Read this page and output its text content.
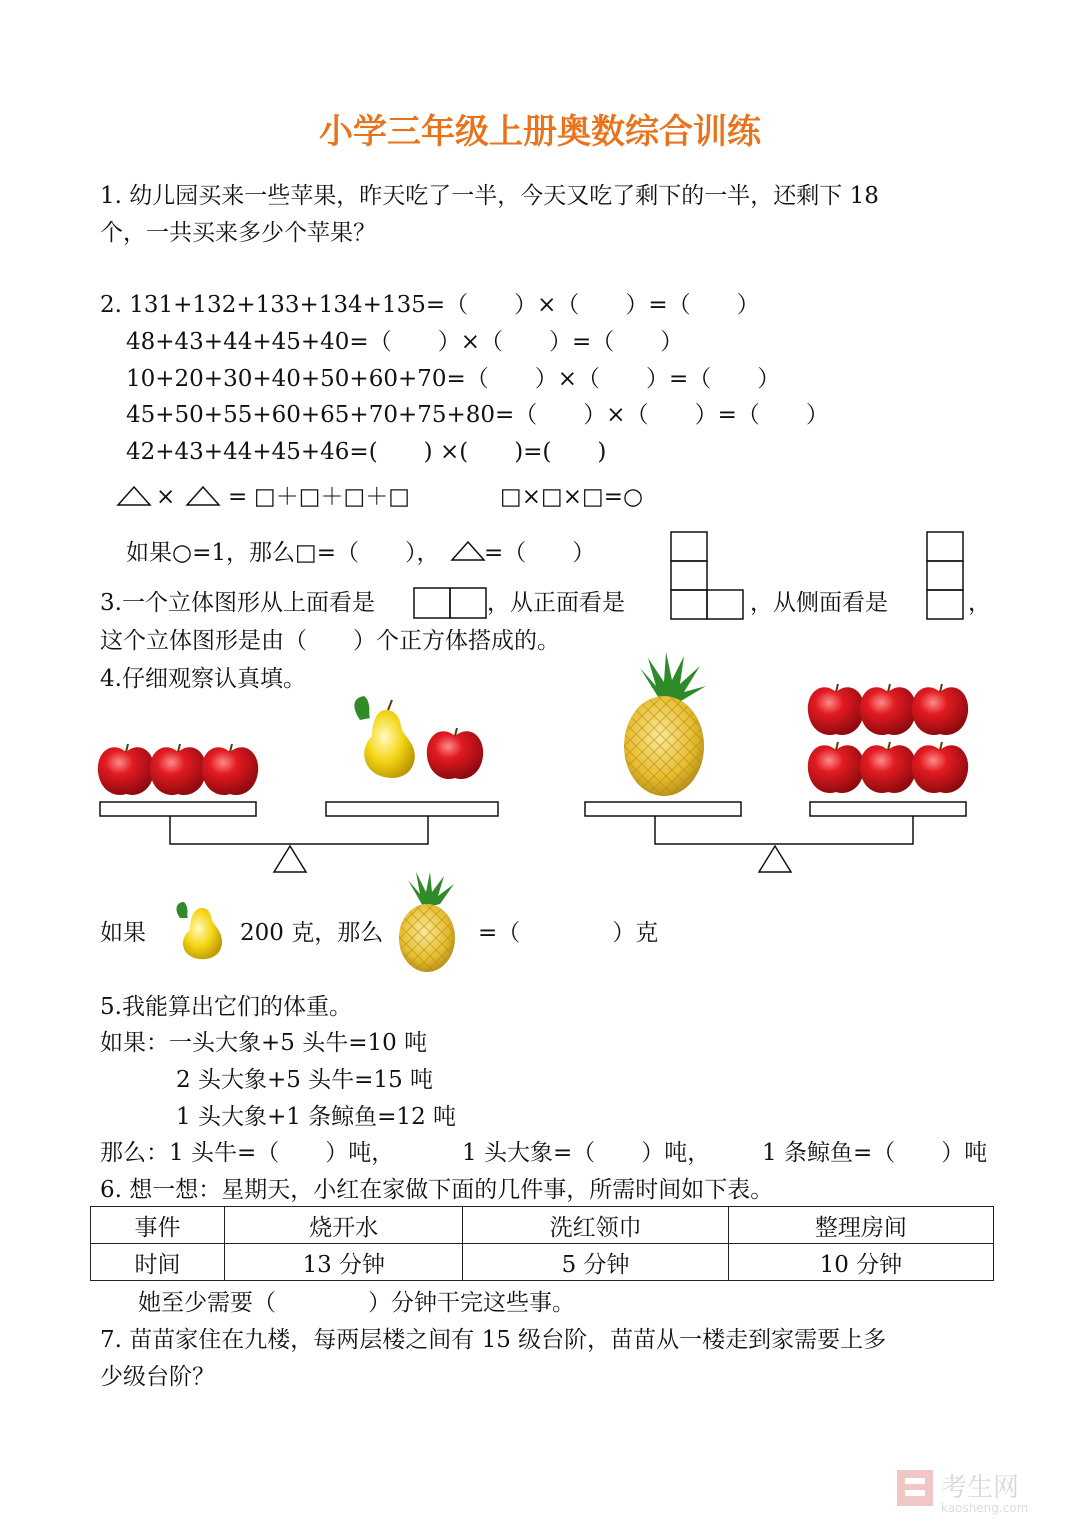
小学三年级上册奥数综合训练
1. 幼儿园买来一些苹果，昨天吃了一半，今天又吃了剩下的一半，还剩下 18
个，一共买来多少个苹果？
2. 131+132+133+134+135=（　　）×（　　）=（　　）
48+43+44+45+40=（　　）×（　　）=（　　）
10+20+30+40+50+60+70=（　　）×（　　）=（　　）
45+50+55+60+65+70+75+80=（　　）×（　　）=（　　）
42+43+44+45+46=(　　) ×(　　)=(　　)
× = □＋□＋□＋□	□×□×□=○
如果○=1，那么□=（　　）， =（　　）
3.一个立体图形从上面看是	，从正面看是	，从侧面看是	，
这个立体图形是由（　　）个正方体搭成的。
4.仔细观察认真填。
如果	200 克，那么	=（　　　　）克
5.我能算出它们的体重。
如果：一头大象+5 头牛=10 吨
2 头大象+5 头牛=15 吨
1 头大象+1 条鲸鱼=12 吨
那么：1 头牛=（　　）吨，	1 头大象=（　　）吨， 1 条鲸鱼=（　　）吨
6. 想一想：星期天，小红在家做下面的几件事，所需时间如下表。
事件	烧开水	洗红领巾	整理房间
时间	13 分钟	5 分钟	10 分钟
她至少需要（　　　　）分钟干完这些事。
7. 苗苗家住在九楼，每两层楼之间有 15 级台阶，苗苗从一楼走到家需要上多
少级台阶？
考生网
kaosheng.com
